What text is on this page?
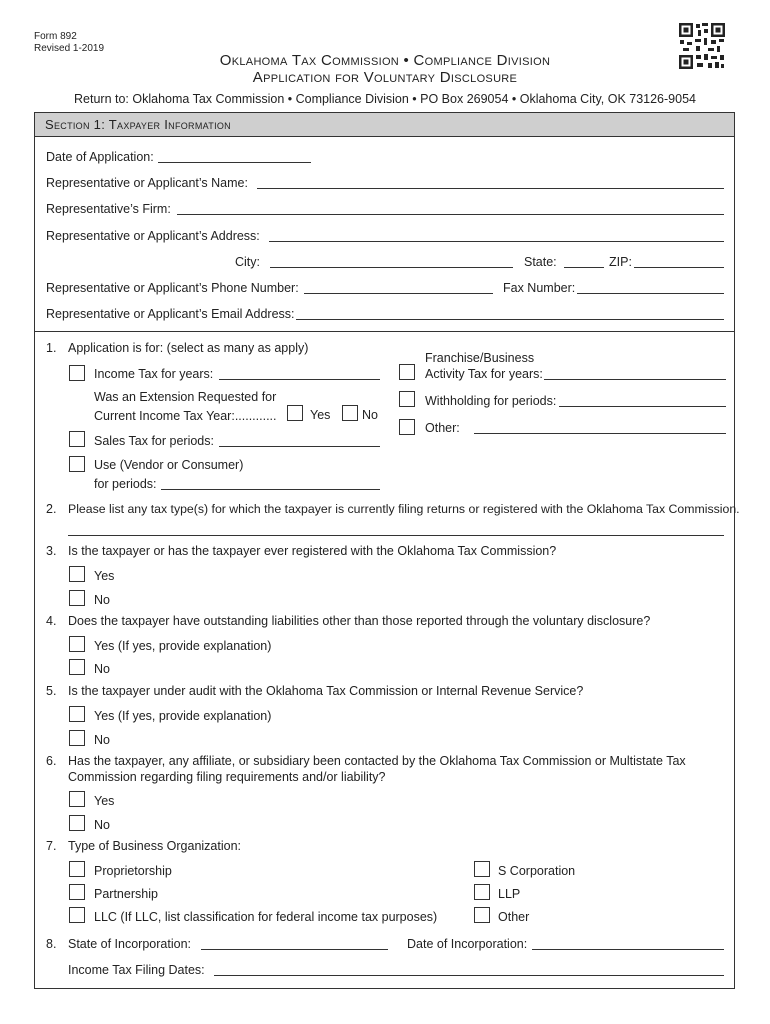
Form 892
Revised 1-2019
Oklahoma Tax Commission • Compliance Division
Application for Voluntary Disclosure
Return to: Oklahoma Tax Commission • Compliance Division • PO Box 269054 • Oklahoma City, OK 73126-9054
Section 1: Taxpayer Information
Date of Application:
Representative or Applicant’s Name:
Representative’s Firm:
Representative or Applicant’s Address:
City:	State:	ZIP:
Representative or Applicant’s Phone Number:	Fax Number:
Representative or Applicant’s Email Address:
1. Application is for: (select as many as apply)
Income Tax for years:
Was an Extension Requested for
Current Income Tax Year:............	Yes	No
Sales Tax for periods:
Use (Vendor or Consumer)
for periods:
Franchise/Business
Activity Tax for years:
Withholding for periods:
Other:
2. Please list any tax type(s) for which the taxpayer is currently filing returns or registered with the Oklahoma Tax Commission.
3. Is the taxpayer or has the taxpayer ever registered with the Oklahoma Tax Commission?
Yes
No
4. Does the taxpayer have outstanding liabilities other than those reported through the voluntary disclosure?
Yes (If yes, provide explanation)
No
5. Is the taxpayer under audit with the Oklahoma Tax Commission or Internal Revenue Service?
Yes (If yes, provide explanation)
No
6. Has the taxpayer, any affiliate, or subsidiary been contacted by the Oklahoma Tax Commission or Multistate Tax
Commission regarding filing requirements and/or liability?
Yes
No
7. Type of Business Organization:
Proprietorship
Partnership
LLC (If LLC, list classification for federal income tax purposes)
S Corporation
LLP
Other
8. State of Incorporation:	Date of Incorporation:
Income Tax Filing Dates:
